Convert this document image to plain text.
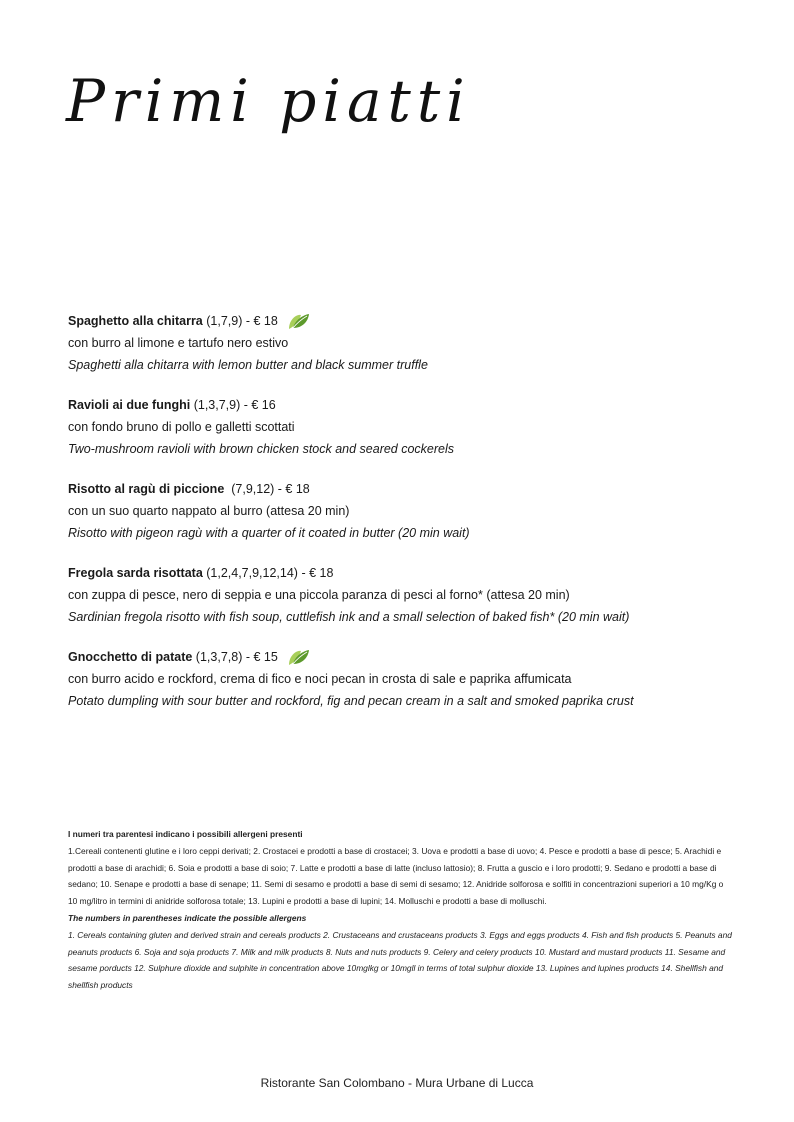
Primi piatti
Spaghetto alla chitarra (1,7,9) - € 18
con burro al limone e tartufo nero estivo
Spaghetti alla chitarra with lemon butter and black summer truffle
Ravioli ai due funghi (1,3,7,9) - € 16
con fondo bruno di pollo e galletti scottati
Two-mushroom ravioli with brown chicken stock and seared cockerels
Risotto al ragù di piccione  (7,9,12) - € 18
con un suo quarto nappato al burro (attesa 20 min)
Risotto with pigeon ragù with a quarter of it coated in butter (20 min wait)
Fregola sarda risottata (1,2,4,7,9,12,14) - € 18
con zuppa di pesce, nero di seppia e una piccola paranza di pesci al forno* (attesa 20 min)
Sardinian fregola risotto with fish soup, cuttlefish ink and a small selection of baked fish* (20 min wait)
Gnocchetto di patate (1,3,7,8) - € 15
con burro acido e rockford, crema di fico e noci pecan in crosta di sale e paprika affumicata
Potato dumpling with sour butter and rockford, fig and pecan cream in a salt and smoked paprika crust

I numeri tra parentesi indicano i possibili allergeni presenti

1.Cereali contenenti glutine e i loro ceppi derivati; 2. Crostacei e prodotti a base di crostacei; 3. Uova e prodotti a base di uovo; 4. Pesce e prodotti a base di pesce; 5. Arachidi e prodotti a base di arachidi; 6. Soia e prodotti a base di soio; 7. Latte e prodotti a base di latte (incluso lattosio); 8. Frutta a guscio e i loro prodotti; 9. Sedano e prodotti a base di sedano; 10. Senape e prodotti a base di senape; 11. Semi di sesamo e prodotti a base di semi di sesamo; 12. Anidride solforosa e solfiti in concentrazioni superiori a 10 mg/Kg o 10 mg/litro in termini di anidride solforosa totale; 13. Lupini e prodotti a base di lupini; 14. Molluschi e prodotti a base di molluschi.

The numbers in parentheses indicate the possible allergens

1. Cereals containing gluten and derived strain and cereals products 2. Crustaceans and crustaceans products 3. Eggs and eggs products 4. Fish and fish products 5. Peanuts and peanuts products 6. Soja and soja products 7. Milk and milk products 8. Nuts and nuts products 9. Celery and celery products 10. Mustard and mustard products 11. Sesame and sesame porducts 12. Sulphure dioxide and sulphite in concentration above 10mglkg or 10mgll in terms of total sulphur dioxide 13. Lupines and lupines products 14. Shellfish and shellfish products

Ristorante San Colombano - Mura Urbane di Lucca
